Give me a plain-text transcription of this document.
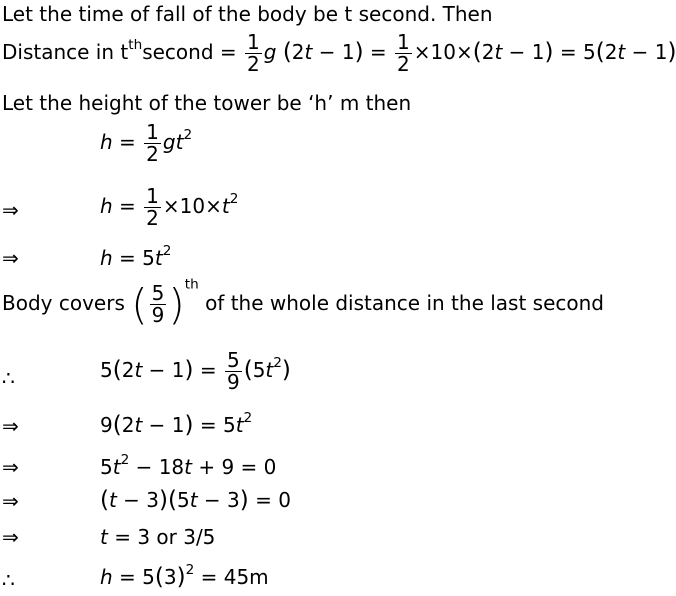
Let the time of fall of the body be t second. Then
Distance in $t^{th}second = \frac{1}{2}$ g $(2t - 1) = \frac{1}{2} \times 10\times(2t - 1) = 5(2t - 1)$
Let the height of the tower be ‘h’ m then
$h = \frac{1}{2} gt^2$
⇒	$h = \frac{1}{2} \times 10\times t^2$
⇒	$h = 5t^2$
Body covers ( $\frac{5}{9} )^{th}$ of the whole distance in the last second
∴	$5(2t - 1) = \frac{5}{9} (5t^2)$
⇒	$9(2t - 1) = 5t^2$
⇒	$5t^2 - 18t + 9 = 0$
⇒	(t − 3)(5t − 3) = 0
⇒	t = 3 or 3/5
∴	$h = 5(3)^2 = 45m$
